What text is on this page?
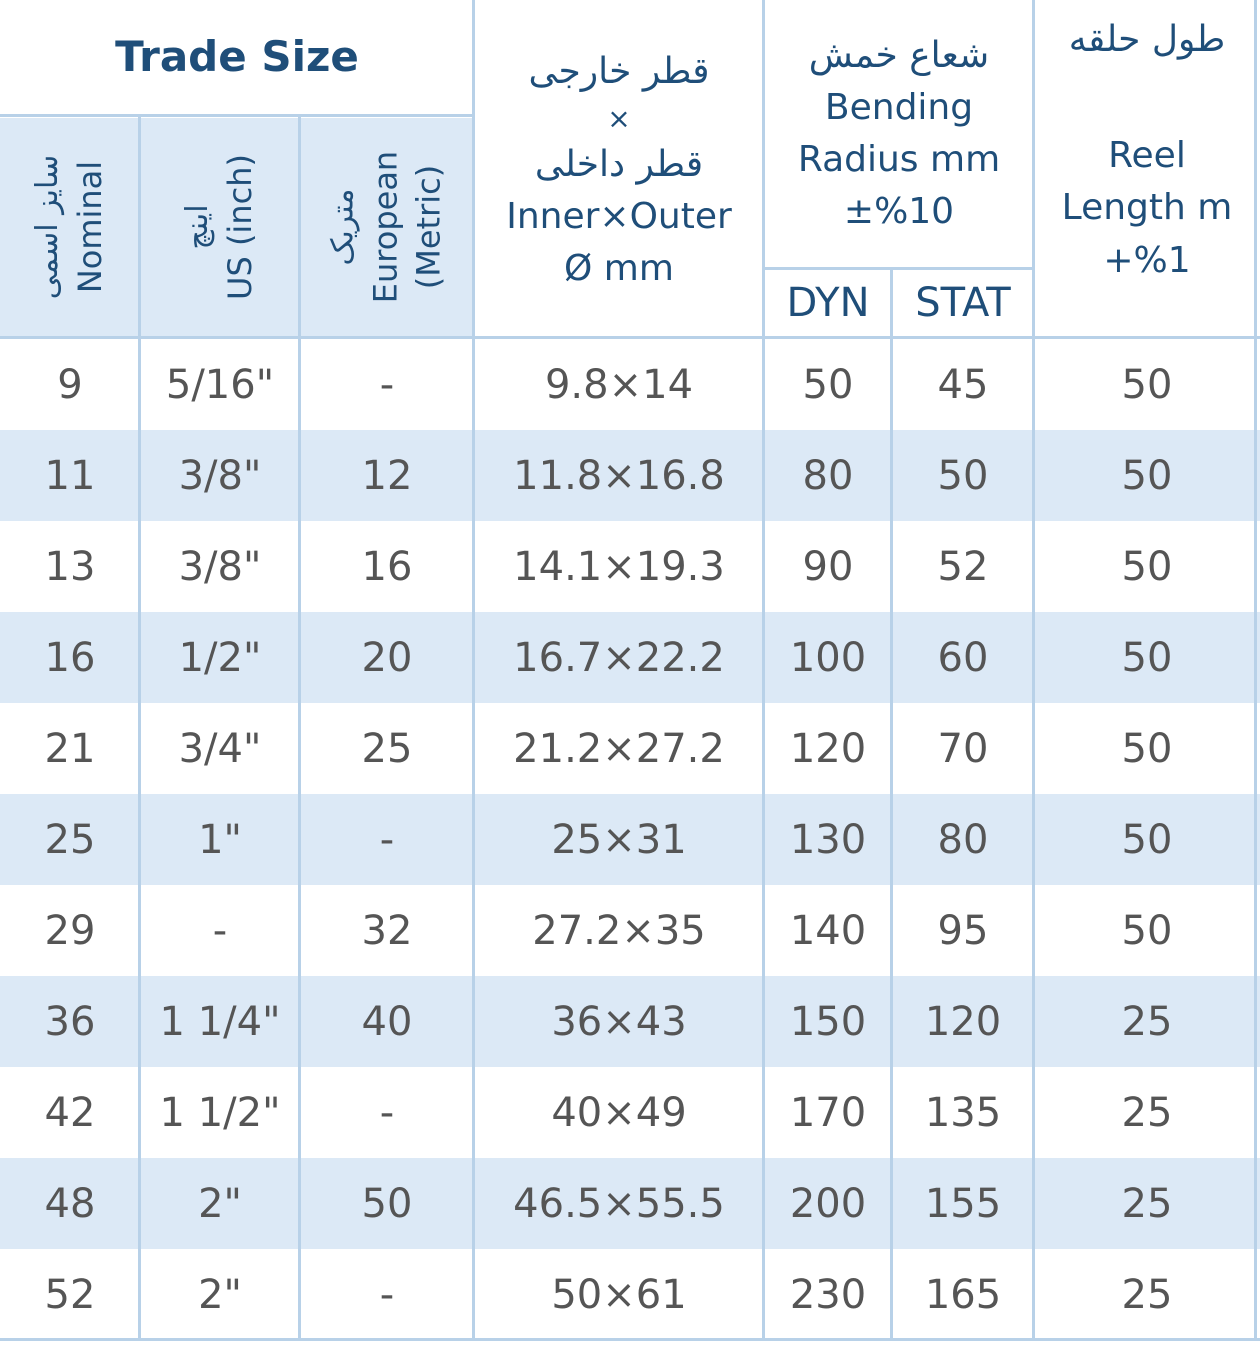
Trade Size
سایز اسمی Nominal اینچ US (inch) متریک European (Metric)
قطر خارجی
×
قطر داخلی
Inner×Outer
Ø mm
شعاع خمش
Bending
Radius mm
±%10
DYN	STAT
طول حلقه
Reel
Length m
+%1
9	5/16"	-	9.8×14	50	45	50
11	3/8"	12	11.8×16.8	80	50	50
13	3/8"	16	14.1×19.3	90	52	50
16	1/2"	20	16.7×22.2	100	60	50
21	3/4"	25	21.2×27.2	120	70	50
25	1"	-	25×31	130	80	50
29	-	32	27.2×35	140	95	50
36	1 1/4"	40	36×43	150	120	25
42	1 1/2"	-	40×49	170	135	25
48	2"	50	46.5×55.5	200	155	25
52	2"	-	50×61	230	165	25
